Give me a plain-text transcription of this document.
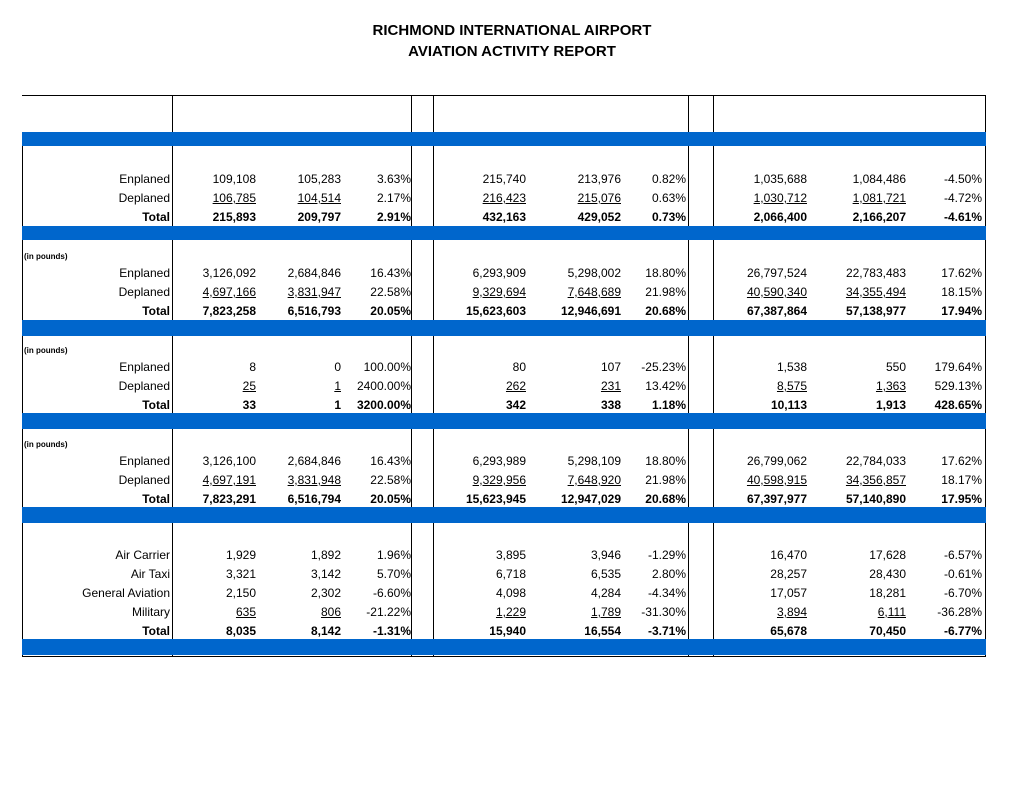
RICHMOND INTERNATIONAL AIRPORT
AVIATION ACTIVITY REPORT
Enplaned	109,108	105,283	3.63%	215,740	213,976	0.82%	1,035,688	1,084,486	-4.50%
Deplaned	106,785	104,514	2.17%	216,423	215,076	0.63%	1,030,712	1,081,721	-4.72%
Total	215,893	209,797	2.91%	432,163	429,052	0.73%	2,066,400	2,166,207	-4.61%
(in pounds)
Enplaned	3,126,092	2,684,846	16.43%	6,293,909	5,298,002	18.80%	26,797,524	22,783,483	17.62%
Deplaned	4,697,166	3,831,947	22.58%	9,329,694	7,648,689	21.98%	40,590,340	34,355,494	18.15%
Total	7,823,258	6,516,793	20.05%	15,623,603	12,946,691	20.68%	67,387,864	57,138,977	17.94%
(in pounds)
Enplaned	8	0	100.00%	80	107	-25.23%	1,538	550	179.64%
Deplaned	25	1	2400.00%	262	231	13.42%	8,575	1,363	529.13%
Total	33	1	3200.00%	342	338	1.18%	10,113	1,913	428.65%
(in pounds)
Enplaned	3,126,100	2,684,846	16.43%	6,293,989	5,298,109	18.80%	26,799,062	22,784,033	17.62%
Deplaned	4,697,191	3,831,948	22.58%	9,329,956	7,648,920	21.98%	40,598,915	34,356,857	18.17%
Total	7,823,291	6,516,794	20.05%	15,623,945	12,947,029	20.68%	67,397,977	57,140,890	17.95%
Air Carrier	1,929	1,892	1.96%	3,895	3,946	-1.29%	16,470	17,628	-6.57%
Air Taxi	3,321	3,142	5.70%	6,718	6,535	2.80%	28,257	28,430	-0.61%
General Aviation	2,150	2,302	-6.60%	4,098	4,284	-4.34%	17,057	18,281	-6.70%
Military	635	806	-21.22%	1,229	1,789	-31.30%	3,894	6,111	-36.28%
Total	8,035	8,142	-1.31%	15,940	16,554	-3.71%	65,678	70,450	-6.77%
